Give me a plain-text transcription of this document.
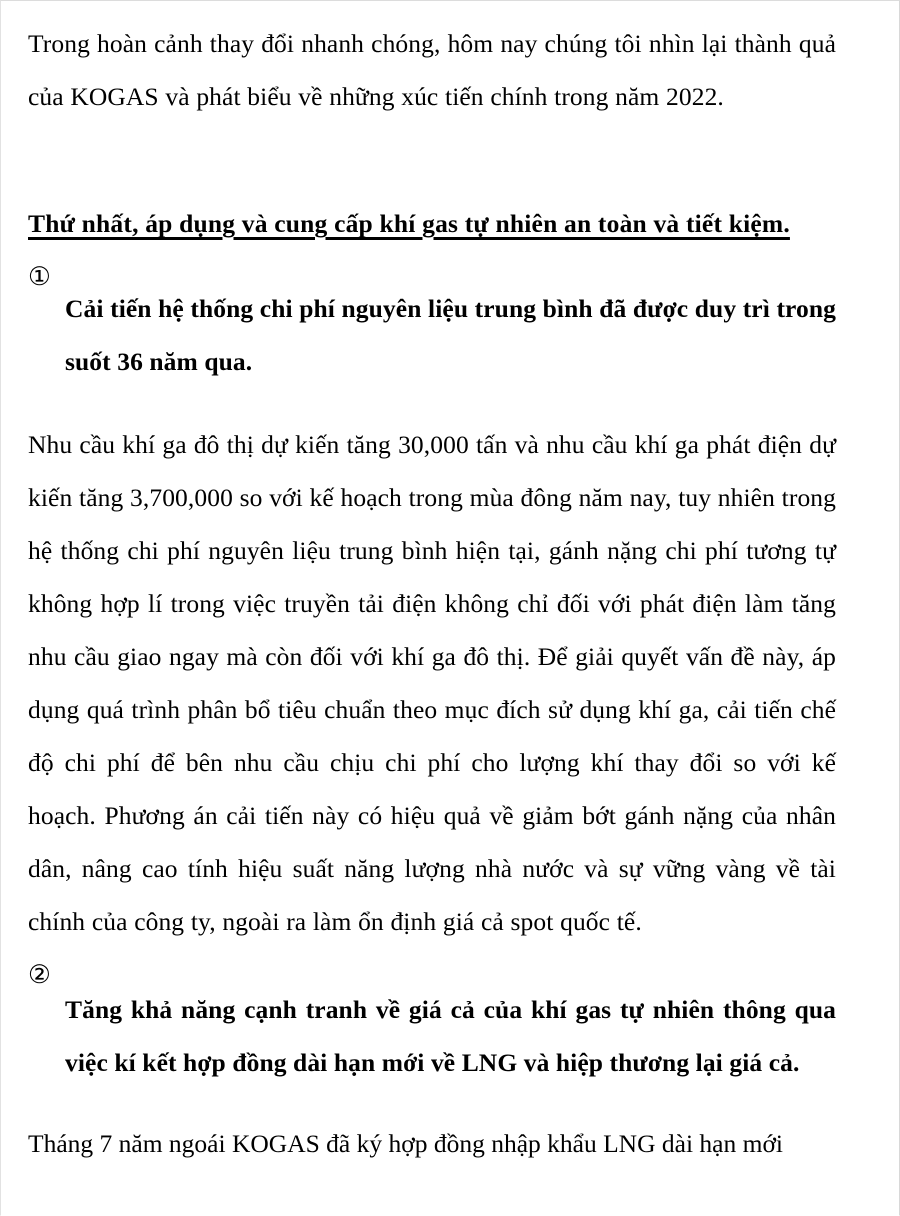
Trong hoàn cảnh thay đổi nhanh chóng, hôm nay chúng tôi nhìn lại thành quả của KOGAS và phát biểu về những xúc tiến chính trong năm 2022.

Thứ nhất, áp dụng và cung cấp khí gas tự nhiên an toàn và tiết kiệm.

①
Cải tiến hệ thống chi phí nguyên liệu trung bình đã được duy trì trong suốt 36 năm qua.

Nhu cầu khí ga đô thị dự kiến tăng 30,000 tấn và nhu cầu khí ga phát điện dự kiến tăng 3,700,000 so với kế hoạch trong mùa đông năm nay, tuy nhiên trong hệ thống chi phí nguyên liệu trung bình hiện tại, gánh nặng chi phí tương tự không hợp lí trong việc truyền tải điện không chỉ đối với phát điện làm tăng nhu cầu giao ngay mà còn đối với khí ga đô thị. Để giải quyết vấn đề này, áp dụng quá trình phân bổ tiêu chuẩn theo mục đích sử dụng khí ga, cải tiến chế độ chi phí để bên nhu cầu chịu chi phí cho lượng khí thay đổi so với kế hoạch. Phương án cải tiến này có hiệu quả về giảm bớt gánh nặng của nhân dân, nâng cao tính hiệu suất năng lượng nhà nước và sự vững vàng về tài chính của công ty, ngoài ra làm ổn định giá cả spot quốc tế.

②
Tăng khả năng cạnh tranh về giá cả của khí gas tự nhiên thông qua việc kí kết hợp đồng dài hạn mới về LNG và hiệp thương lại giá cả.

Tháng 7 năm ngoái KOGAS đã ký hợp đồng nhập khẩu LNG dài hạn mới
